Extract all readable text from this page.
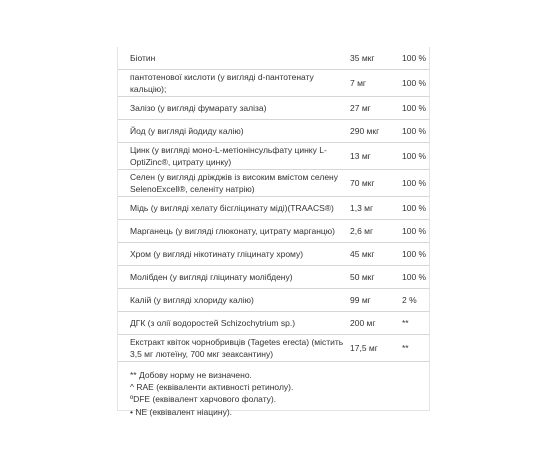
Біотин	35 мкг	100 %
пантотенової кислоти (у вигляді d-пантотенату кальцію);	7 мг	100 %
Залізо (у вигляді фумарату заліза)	27 мг	100 %
Йод (у вигляді йодиду калію)	290 мкг	100 %
Цинк (у вигляді моно-L-метіонінсульфату цинку L-OptiZinc®, цитрату цинку)	13 мг	100 %
Селен (у вигляді дріжджів із високим вмістом селену SelenoExcell®, селеніту натрію)	70 мкг	100 %
Мідь (у вигляді хелату бісгліцинату міді)(TRAACS®)	1,3 мг	100 %
Марганець (у вигляді глюконату, цитрату марганцю)	2,6 мг	100 %
Хром (у вигляді нікотинату гліцинату хрому)	45 мкг	100 %
Молібден (у вигляді гліцинату молібдену)	50 мкг	100 %
Калій (у вигляді хлориду калію)	99 мг	2 %
ДГК (з олії водоростей Schizochytrium sp.)	200 мг	**
Екстракт квіток чорнобривців (Tagetes erecta) (містить 3,5 мг лютеїну, 700 мкг зеаксантину)	17,5 мг	**
** Добову норму не визначено.
^ RAE (еквіваленти активності ретинолу).
ºDFE (еквівалент харчового фолату).
• NE (еквівалент ніацину).
